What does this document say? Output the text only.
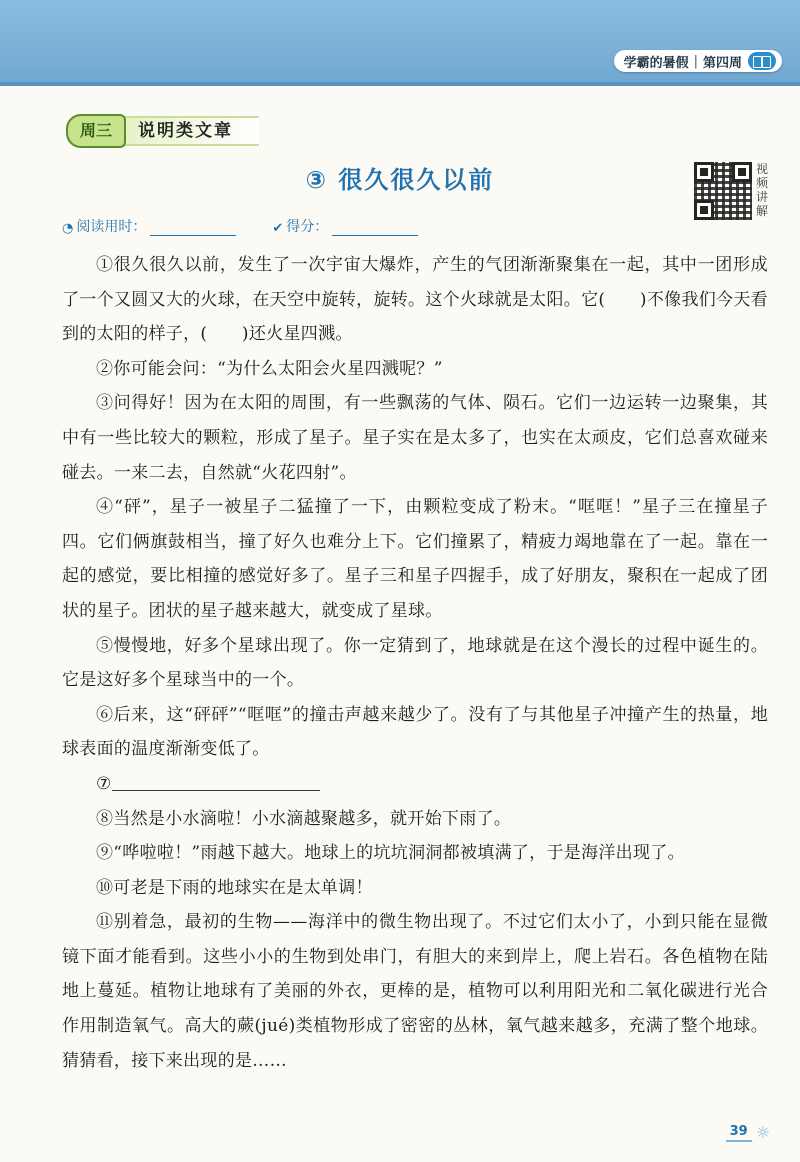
学霸的暑假 | 第四周
周三	说明类文章
③ 很久很久以前	视频讲解
◔ 阅读用时：	✔ 得分：

①很久很久以前，发生了一次宇宙大爆炸，产生的气团渐渐聚集在一起，其中一团形成了一个又圆又大的火球，在天空中旋转，旋转。这个火球就是太阳。它(　　)不像我们今天看到的太阳的样子，(　　)还火星四溅。

②你可能会问：“为什么太阳会火星四溅呢？”

③问得好！因为在太阳的周围，有一些飘荡的气体、陨石。它们一边运转一边聚集，其中有一些比较大的颗粒，形成了星子。星子实在是太多了，也实在太顽皮，它们总喜欢碰来碰去。一来二去，自然就“火花四射”。

④“砰”，星子一被星子二猛撞了一下，由颗粒变成了粉末。“哐哐！”星子三在撞星子四。它们俩旗鼓相当，撞了好久也难分上下。它们撞累了，精疲力竭地靠在了一起。靠在一起的感觉，要比相撞的感觉好多了。星子三和星子四握手，成了好朋友，聚积在一起成了团状的星子。团状的星子越来越大，就变成了星球。

⑤慢慢地，好多个星球出现了。你一定猜到了，地球就是在这个漫长的过程中诞生的。它是这好多个星球当中的一个。

⑥后来，这“砰砰”“哐哐”的撞击声越来越少了。没有了与其他星子冲撞产生的热量，地球表面的温度渐渐变低了。

⑦

⑧当然是小水滴啦！小水滴越聚越多，就开始下雨了。

⑨“哗啦啦！”雨越下越大。地球上的坑坑洞洞都被填满了，于是海洋出现了。

⑩可老是下雨的地球实在是太单调！

⑪别着急，最初的生物——海洋中的微生物出现了。不过它们太小了，小到只能在显微镜下面才能看到。这些小小的生物到处串门，有胆大的来到岸上，爬上岩石。各色植物在陆地上蔓延。植物让地球有了美丽的外衣，更棒的是，植物可以利用阳光和二氧化碳进行光合作用制造氧气。高大的蕨(jué)类植物形成了密密的丛林，氧气越来越多，充满了整个地球。猜猜看，接下来出现的是……

39 ☼
